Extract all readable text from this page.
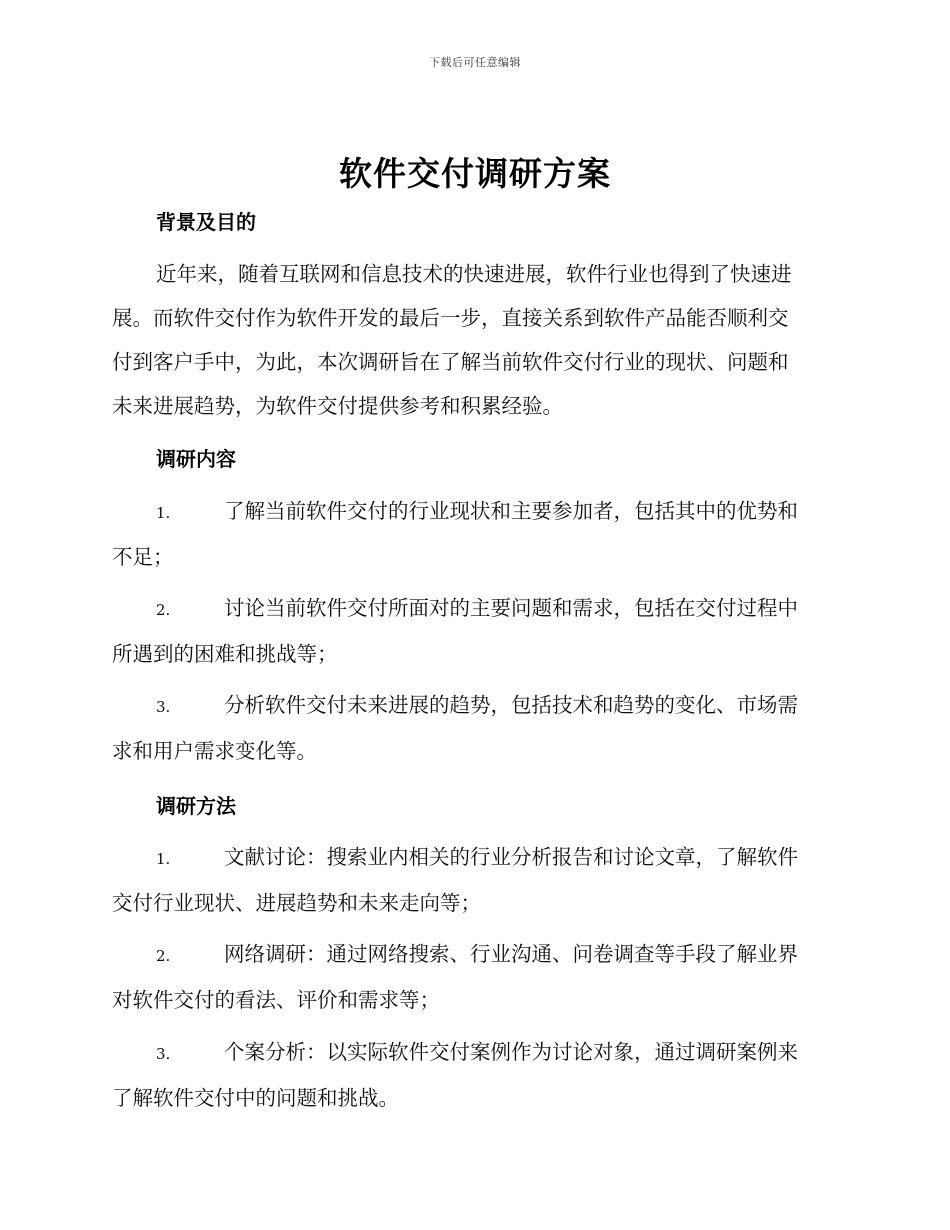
下载后可任意编辑
软件交付调研方案
背景及目的
近年来，随着互联网和信息技术的快速进展，软件行业也得到了快速进
展。而软件交付作为软件开发的最后一步，直接关系到软件产品能否顺利交
付到客户手中，为此，本次调研旨在了解当前软件交付行业的现状、问题和
未来进展趋势，为软件交付提供参考和积累经验。
调研内容
1.	了解当前软件交付的行业现状和主要参加者，包括其中的优势和
不足；
2.	讨论当前软件交付所面对的主要问题和需求，包括在交付过程中
所遇到的困难和挑战等；
3.	分析软件交付未来进展的趋势，包括技术和趋势的变化、市场需
求和用户需求变化等。
调研方法
1.	文献讨论：搜索业内相关的行业分析报告和讨论文章，了解软件
交付行业现状、进展趋势和未来走向等；
2.	网络调研：通过网络搜索、行业沟通、问卷调查等手段了解业界
对软件交付的看法、评价和需求等；
3.	个案分析：以实际软件交付案例作为讨论对象，通过调研案例来
了解软件交付中的问题和挑战。
